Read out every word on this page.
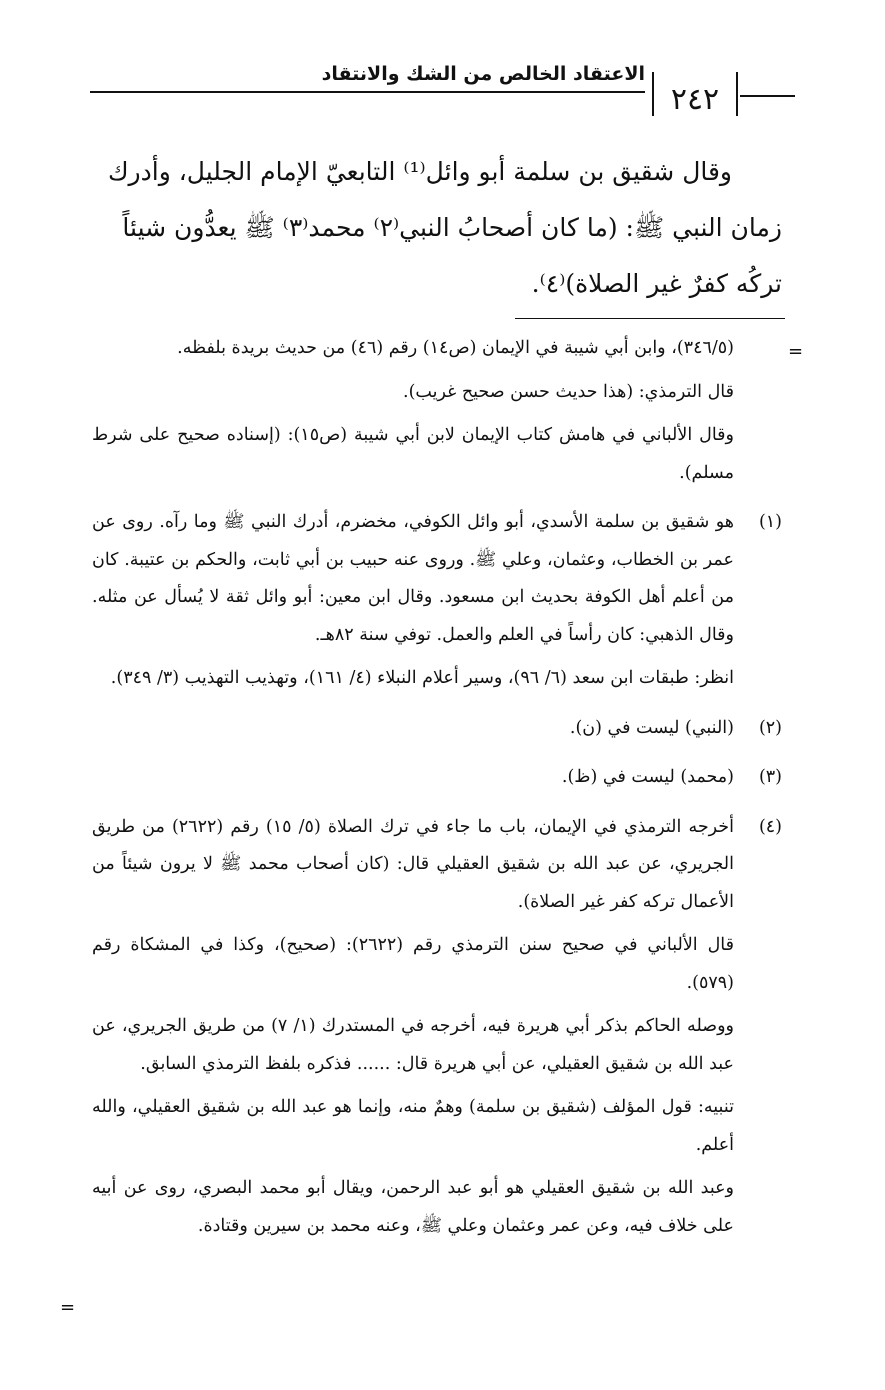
الاعتقاد الخالص من الشك والانتقاد
٢٤٢

وقال شقيق بن سلمة أبو وائل⁽¹⁾ التابعيّ الإمام الجليل، وأدرك

زمان النبي ﷺ: (ما كان أصحابُ النبي⁽٢⁾ محمد⁽٣⁾ ﷺ يعدُّون شيئاً

تركُه كفرٌ غير الصلاة)⁽٤⁾.

=

(٣٤٦/٥)، وابن أبي شيبة في الإيمان (ص١٤) رقم (٤٦) من حديث بريدة بلفظه.

قال الترمذي: (هذا حديث حسن صحيح غريب).

وقال الألباني في هامش كتاب الإيمان لابن أبي شيبة (ص١٥): (إسناده صحيح على شرط مسلم).

(١)

هو شقيق بن سلمة الأسدي، أبو وائل الكوفي، مخضرم، أدرك النبي ﷺ وما رآه. روى عن عمر بن الخطاب، وعثمان، وعلي ﷺ. وروى عنه حبيب بن أبي ثابت، والحكم بن عتيبة. كان من أعلم أهل الكوفة بحديث ابن مسعود. وقال ابن معين: أبو وائل ثقة لا يُسأل عن مثله. وقال الذهبي: كان رأساً في العلم والعمل. توفي سنة ٨٢هـ.

انظر: طبقات ابن سعد (٦/ ٩٦)، وسير أعلام النبلاء (٤/ ١٦١)، وتهذيب التهذيب (٣/ ٣٤٩).

(٢)

(النبي) ليست في (ن).

(٣)

(محمد) ليست في (ظ).

(٤)

أخرجه الترمذي في الإيمان، باب ما جاء في ترك الصلاة (٥/ ١٥) رقم (٢٦٢٢) من طريق الجريري، عن عبد الله بن شقيق العقيلي قال: (كان أصحاب محمد ﷺ لا يرون شيئاً من الأعمال تركه كفر غير الصلاة).

قال الألباني في صحيح سنن الترمذي رقم (٢٦٢٢): (صحيح)، وكذا في المشكاة رقم (٥٧٩).

ووصله الحاكم بذكر أبي هريرة فيه، أخرجه في المستدرك (١/ ٧) من طريق الجريري، عن عبد الله بن شقيق العقيلي، عن أبي هريرة قال: ...... فذكره بلفظ الترمذي السابق.

تنبيه: قول المؤلف (شقيق بن سلمة) وهمٌ منه، وإنما هو عبد الله بن شقيق العقيلي، والله أعلم.

وعبد الله بن شقيق العقيلي هو أبو عبد الرحمن، ويقال أبو محمد البصري، روى عن أبيه على خلاف فيه، وعن عمر وعثمان وعلي ﷺ، وعنه محمد بن سيرين وقتادة.

=
